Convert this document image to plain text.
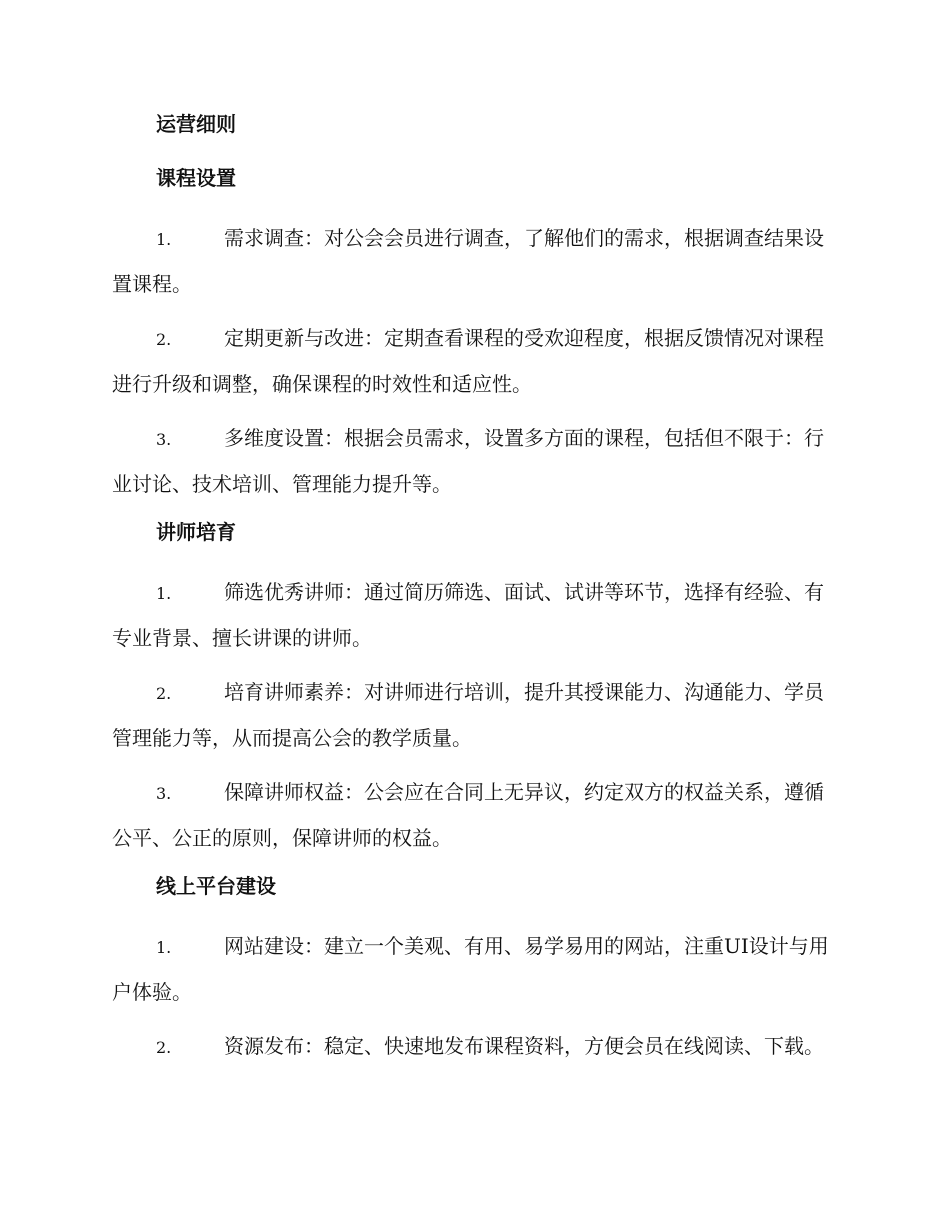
运营细则
课程设置

1.	需求调查：对公会会员进行调查，了解他们的需求，根据调查结果设置课程。

2.	定期更新与改进：定期查看课程的受欢迎程度，根据反馈情况对课程进行升级和调整，确保课程的时效性和适应性。

3.	多维度设置：根据会员需求，设置多方面的课程，包括但不限于：行业讨论、技术培训、管理能力提升等。

讲师培育

1.	筛选优秀讲师：通过简历筛选、面试、试讲等环节，选择有经验、有专业背景、擅长讲课的讲师。

2.	培育讲师素养：对讲师进行培训，提升其授课能力、沟通能力、学员管理能力等，从而提高公会的教学质量。

3.	保障讲师权益：公会应在合同上无异议，约定双方的权益关系，遵循公平、公正的原则，保障讲师的权益。

线上平台建设

1.	网站建设：建立一个美观、有用、易学易用的网站，注重UI设计与用户体验。

2.	资源发布：稳定、快速地发布课程资料，方便会员在线阅读、下载。
